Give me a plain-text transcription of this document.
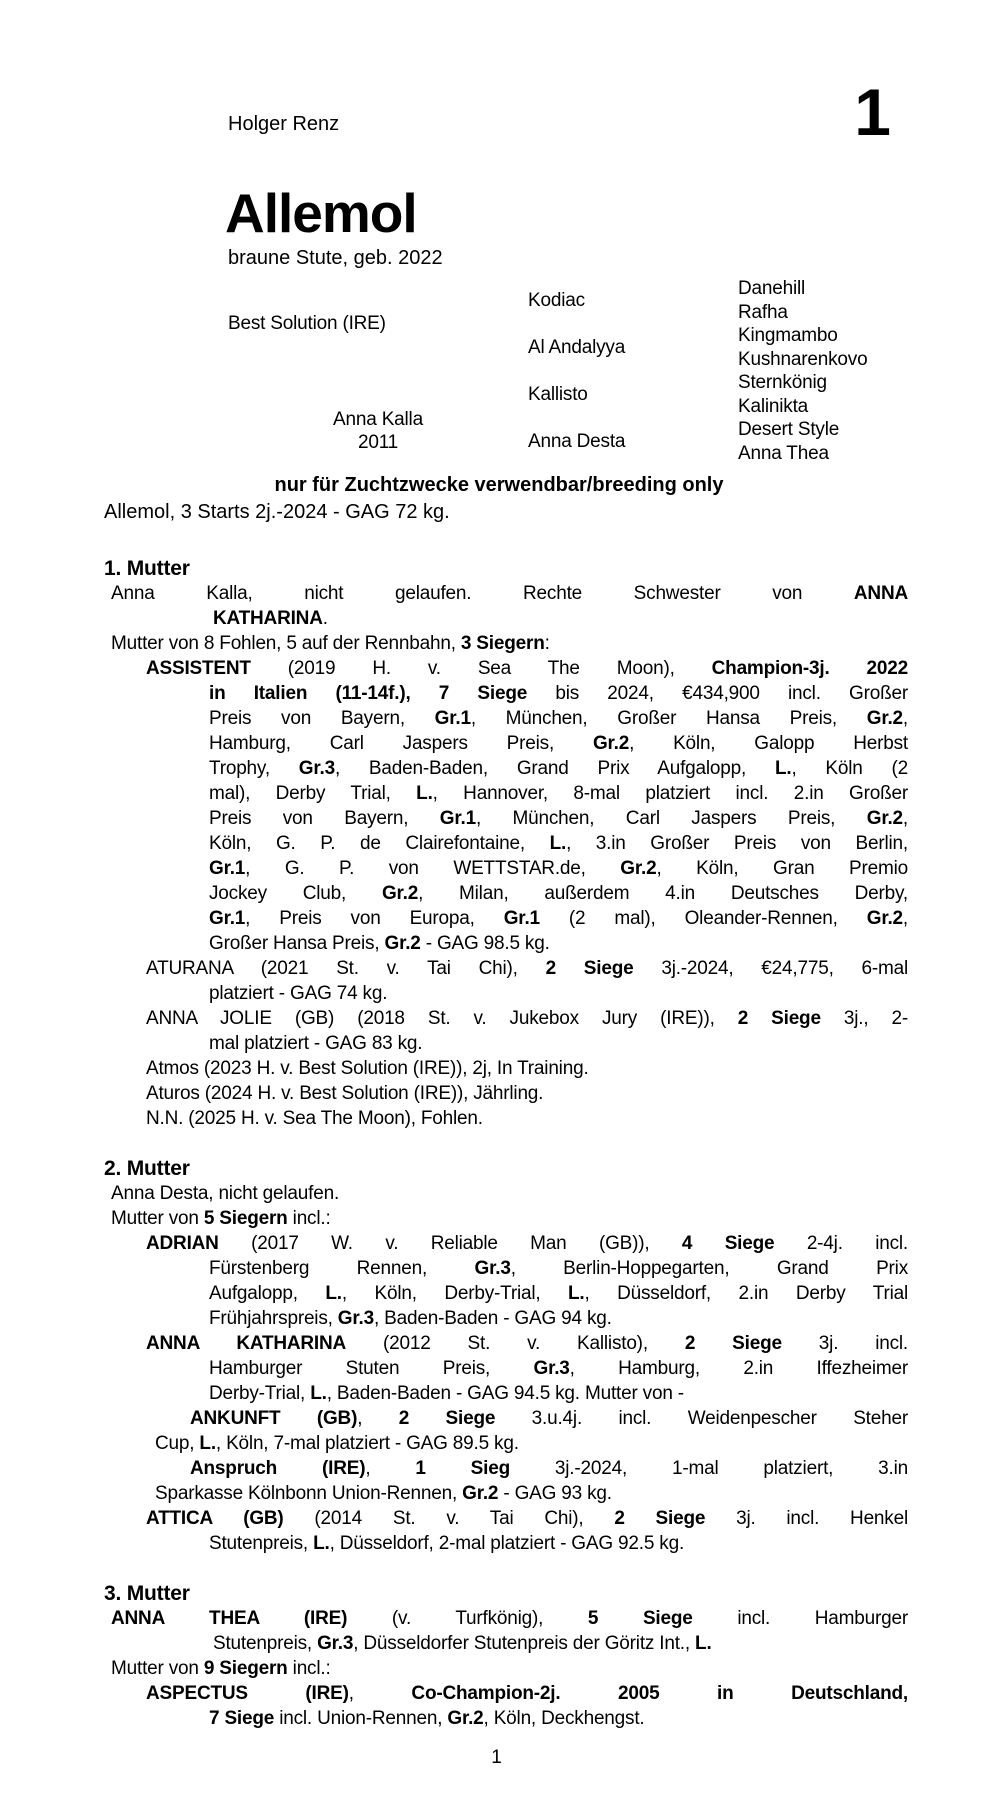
Holger Renz	1
Allemol
braune Stute, geb. 2022
Best Solution (IRE)
Anna Kalla
2011
Kodiac
Al Andalyya
Kallisto
Anna Desta
Danehill
Rafha
Kingmambo
Kushnarenkovo
Sternkönig
Kalinikta
Desert Style
Anna Thea
nur für Zuchtzwecke verwendbar/breeding only
Allemol, 3 Starts 2j.-2024 - GAG 72 kg.
1. Mutter
Anna Kalla, nicht gelaufen. Rechte Schwester von ANNA
KATHARINA.
Mutter von 8 Fohlen, 5 auf der Rennbahn, 3 Siegern:
ASSISTENT (2019 H. v. Sea The Moon), Champion-3j. 2022
in Italien (11-14f.), 7 Siege bis 2024, €434,900 incl. Großer
Preis von Bayern, Gr.1, München, Großer Hansa Preis, Gr.2,
Hamburg, Carl Jaspers Preis, Gr.2, Köln, Galopp Herbst
Trophy, Gr.3, Baden-Baden, Grand Prix Aufgalopp, L., Köln (2
mal), Derby Trial, L., Hannover, 8-mal platziert incl. 2.in Großer
Preis von Bayern, Gr.1, München, Carl Jaspers Preis, Gr.2,
Köln, G. P. de Clairefontaine, L., 3.in Großer Preis von Berlin,
Gr.1, G. P. von WETTSTAR.de, Gr.2, Köln, Gran Premio
Jockey Club, Gr.2, Milan, außerdem 4.in Deutsches Derby,
Gr.1, Preis von Europa, Gr.1 (2 mal), Oleander-Rennen, Gr.2,
Großer Hansa Preis, Gr.2 - GAG 98.5 kg.
ATURANA (2021 St. v. Tai Chi), 2 Siege 3j.-2024, €24,775, 6-mal
platziert - GAG 74 kg.
ANNA JOLIE (GB) (2018 St. v. Jukebox Jury (IRE)), 2 Siege 3j., 2-
mal platziert - GAG 83 kg.
Atmos (2023 H. v. Best Solution (IRE)), 2j, In Training.
Aturos (2024 H. v. Best Solution (IRE)), Jährling.
N.N. (2025 H. v. Sea The Moon), Fohlen.
2. Mutter
Anna Desta, nicht gelaufen.
Mutter von 5 Siegern incl.:
ADRIAN (2017 W. v. Reliable Man (GB)), 4 Siege 2-4j. incl.
Fürstenberg Rennen, Gr.3, Berlin-Hoppegarten, Grand Prix
Aufgalopp, L., Köln, Derby-Trial, L., Düsseldorf, 2.in Derby Trial
Frühjahrspreis, Gr.3, Baden-Baden - GAG 94 kg.
ANNA KATHARINA (2012 St. v. Kallisto), 2 Siege 3j. incl.
Hamburger Stuten Preis, Gr.3, Hamburg, 2.in Iffezheimer
Derby-Trial, L., Baden-Baden - GAG 94.5 kg. Mutter von -
ANKUNFT (GB), 2 Siege 3.u.4j. incl. Weidenpescher Steher
Cup, L., Köln, 7-mal platziert - GAG 89.5 kg.
Anspruch (IRE), 1 Sieg 3j.-2024, 1-mal platziert, 3.in
Sparkasse Kölnbonn Union-Rennen, Gr.2 - GAG 93 kg.
ATTICA (GB) (2014 St. v. Tai Chi), 2 Siege 3j. incl. Henkel
Stutenpreis, L., Düsseldorf, 2-mal platziert - GAG 92.5 kg.
3. Mutter
ANNA THEA (IRE) (v. Turfkönig), 5 Siege incl. Hamburger
Stutenpreis, Gr.3, Düsseldorfer Stutenpreis der Göritz Int., L.
Mutter von 9 Siegern incl.:
ASPECTUS (IRE), Co-Champion-2j. 2005 in Deutschland,
7 Siege incl. Union-Rennen, Gr.2, Köln, Deckhengst.
1
